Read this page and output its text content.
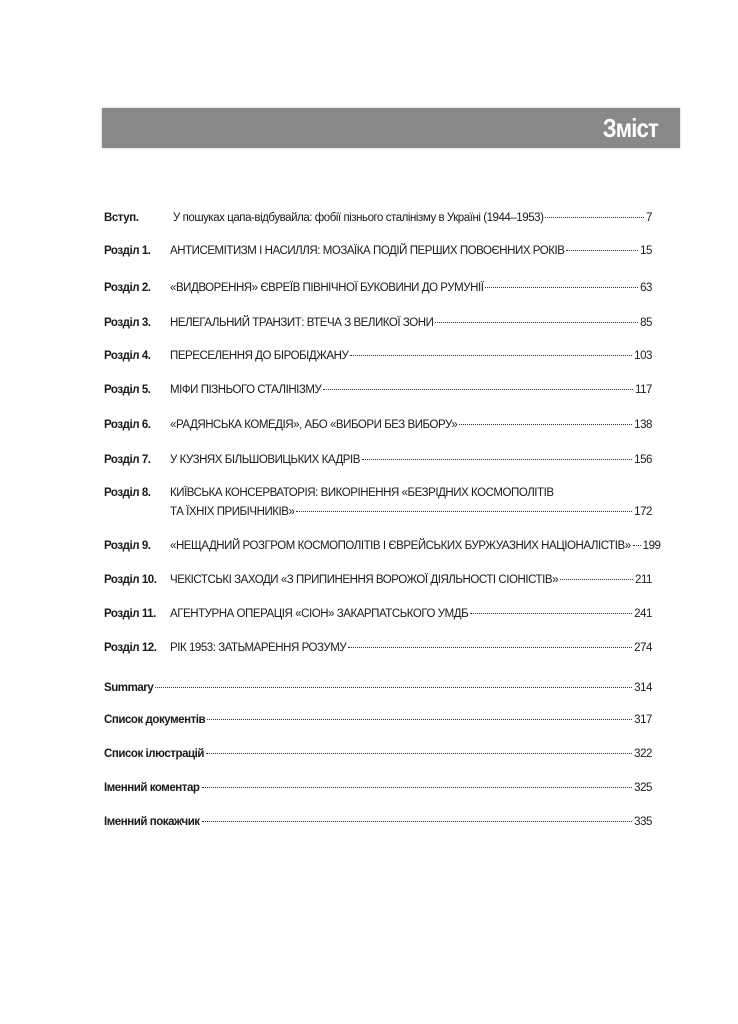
Зміст
Вступ.	У пошуках цапа-відбувайла: фобії пізнього сталінізму в Україні (1944–1953)	7
Розділ 1. АНТИСЕМІТИЗМ І НАСИЛЛЯ: МОЗАЇКА ПОДІЙ ПЕРШИХ ПОВОЄННИХ РОКІВ	15
Розділ 2. «ВИДВОРЕННЯ» ЄВРЕЇВ ПІВНІЧНОЇ БУКОВИНИ ДО РУМУНІЇ	63
Розділ 3. НЕЛЕГАЛЬНИЙ ТРАНЗИТ: ВТЕЧА З ВЕЛИКОЇ ЗОНИ	85
Розділ 4. ПЕРЕСЕЛЕННЯ ДО БІРОБІДЖАНУ	103
Розділ 5. МІФИ ПІЗНЬОГО СТАЛІНІЗМУ	117
Розділ 6. «РАДЯНСЬКА КОМЕДІЯ», АБО «ВИБОРИ БЕЗ ВИБОРУ»	138
Розділ 7. У КУЗНЯХ БІЛЬШОВИЦЬКИХ КАДРІВ	156
Розділ 8. КИЇВСЬКА КОНСЕРВАТОРІЯ: ВИКОРІНЕННЯ «БЕЗРІДНИХ КОСМОПОЛІТІВ
ТА ЇХНІХ ПРИБІЧНИКІВ»	172
Розділ 9. «НЕЩАДНИЙ РОЗГРОМ КОСМОПОЛІТІВ І ЄВРЕЙСЬКИХ БУРЖУАЗНИХ НАЦІОНАЛІСТІВ» 199
Розділ 10. ЧЕКІСТСЬКІ ЗАХОДИ «З ПРИПИНЕННЯ ВОРОЖОЇ ДІЯЛЬНОСТІ СІОНІСТІВ»	211
Розділ 11. АГЕНТУРНА ОПЕРАЦІЯ «СІОН» ЗАКАРПАТСЬКОГО УМДБ	241
Розділ 12. РІК 1953: ЗАТЬМАРЕННЯ РОЗУМУ	274
Summary	314
Список документів	317
Список ілюстрацій	322
Іменний коментар	325
Іменний покажчик	335
